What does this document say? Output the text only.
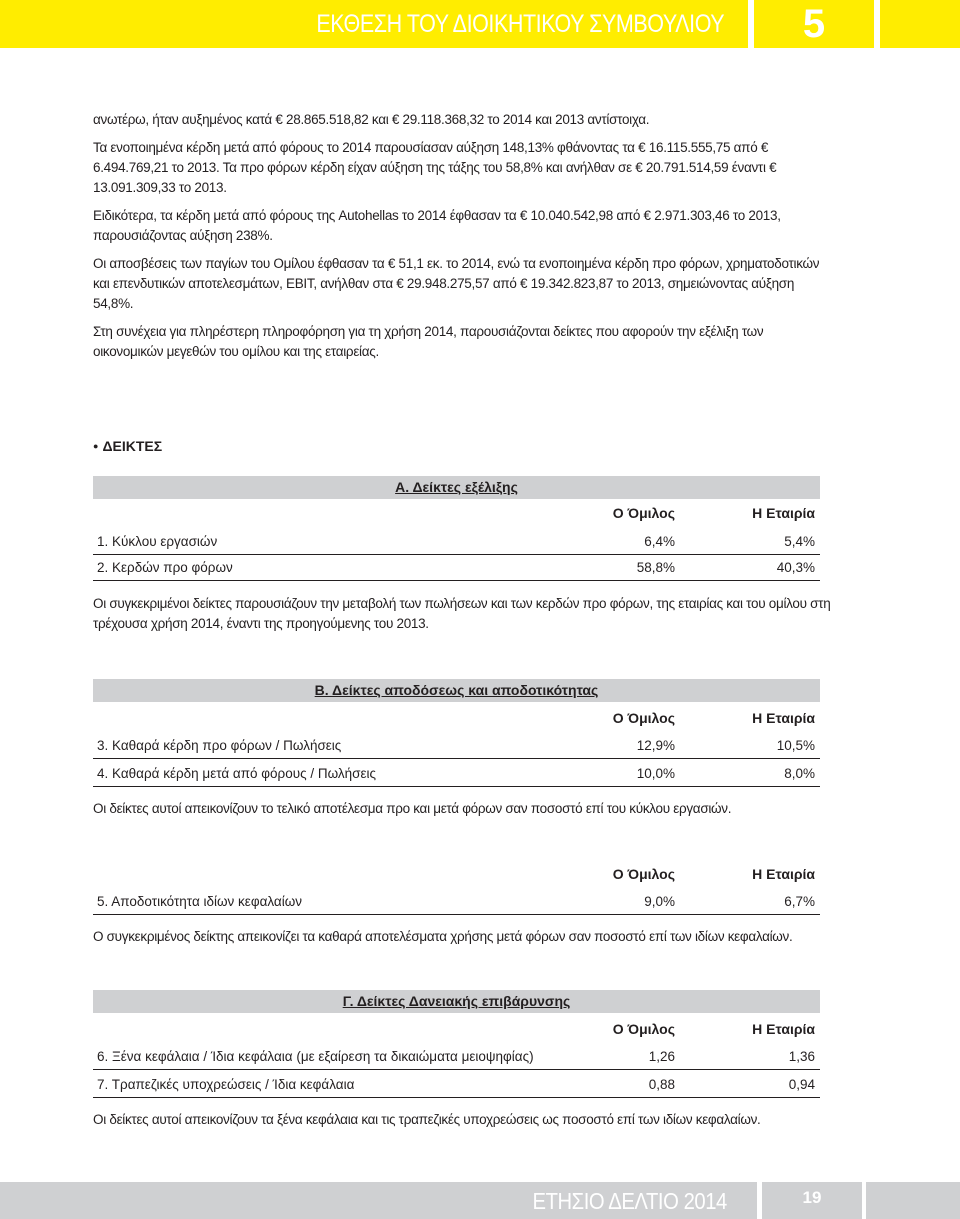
ΕΚΘΕΣΗ ΤΟΥ ΔΙΟΙΚΗΤΙΚΟΥ ΣΥΜΒΟΥΛΙΟΥ	5

ανωτέρω, ήταν αυξημένος κατά € 28.865.518,82 και € 29.118.368,32 το 2014 και 2013 αντίστοιχα.

Τα ενοποιημένα κέρδη μετά από φόρους το 2014 παρουσίασαν αύξηση 148,13% φθάνοντας τα € 16.115.555,75 από € 6.494.769,21 το 2013. Τα προ φόρων κέρδη είχαν αύξηση της τάξης του 58,8% και ανήλθαν σε € 20.791.514,59 έναντι € 13.091.309,33 το 2013.

Ειδικότερα, τα κέρδη μετά από φόρους της Autohellas το 2014 έφθασαν τα € 10.040.542,98 από € 2.971.303,46 το 2013, παρουσιάζοντας αύξηση 238%.

Οι αποσβέσεις των παγίων του Ομίλου έφθασαν τα € 51,1 εκ. το 2014, ενώ τα ενοποιημένα κέρδη προ φόρων, χρηματοδοτικών και επενδυτικών αποτελεσμάτων, EBIT, ανήλθαν στα € 29.948.275,57 από € 19.342.823,87 το 2013, σημειώνοντας αύξηση 54,8%.

Στη συνέχεια για πληρέστερη πληροφόρηση για τη χρήση 2014, παρουσιάζονται δείκτες που αφορούν την εξέλιξη των οικονομικών μεγεθών του ομίλου και της εταιρείας.

● ΔΕΙΚΤΕΣ
Α. Δείκτες εξέλιξης
Ο Όμιλος	Η Εταιρία
1. Κύκλου εργασιών	6,4%	5,4%
2. Κερδών προ φόρων	58,8%	40,3%
Οι συγκεκριμένοι δείκτες παρουσιάζουν την μεταβολή των πωλήσεων και των κερδών προ φόρων, της εταιρίας και του ομίλου στη τρέχουσα χρήση 2014, έναντι της προηγούμενης του 2013.
Β. Δείκτες αποδόσεως και αποδοτικότητας
Ο Όμιλος	Η Εταιρία
3. Καθαρά κέρδη προ φόρων / Πωλήσεις	12,9%	10,5%
4. Καθαρά κέρδη μετά από φόρους / Πωλήσεις	10,0%	8,0%
Οι δείκτες αυτοί απεικονίζουν το τελικό αποτέλεσμα προ και μετά φόρων σαν ποσοστό επί του κύκλου εργασιών.
Ο Όμιλος	Η Εταιρία
5. Αποδοτικότητα ιδίων κεφαλαίων	9,0%	6,7%
Ο συγκεκριμένος δείκτης απεικονίζει τα καθαρά αποτελέσματα χρήσης μετά φόρων σαν ποσοστό επί των ιδίων κεφαλαίων.
Γ. Δείκτες Δανειακής επιβάρυνσης
Ο Όμιλος	Η Εταιρία
6. Ξένα κεφάλαια / Ίδια κεφάλαια (με εξαίρεση τα δικαιώματα μειοψηφίας)	1,26	1,36
7. Τραπεζικές υποχρεώσεις / Ίδια κεφάλαια	0,88	0,94
Οι δείκτες αυτοί απεικονίζουν τα ξένα κεφάλαια και τις τραπεζικές υποχρεώσεις ως ποσοστό επί των ιδίων κεφαλαίων.
ΕΤΗΣΙΟ ΔΕΛΤΙΟ 2014	19
